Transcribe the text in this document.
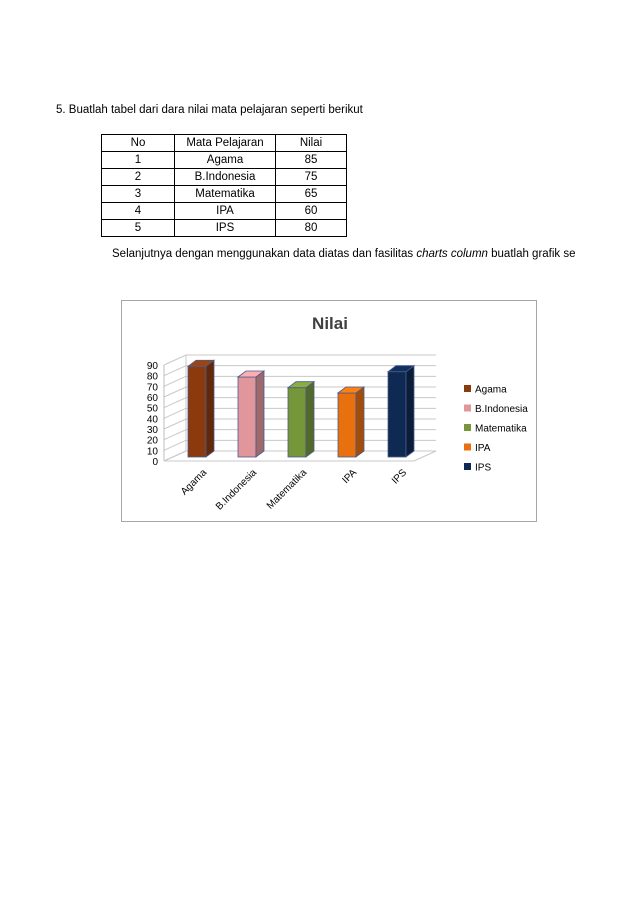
5. Buatlah tabel dari dara nilai mata pelajaran seperti berikut
No	Mata Pelajaran	Nilai
1	Agama	85
2	B.Indonesia	75
3	Matematika	65
4	IPA	60
5	IPS	80
Selanjutnya dengan menggunakan data diatas dan fasilitas charts column buatlah grafik se
Nilai
0
10
20
30
40
50
60
70
80
90
Agama B.Indonesia Matematika	IPA	IPS
Agama
B.Indonesia
Matematika
IPA
IPS
